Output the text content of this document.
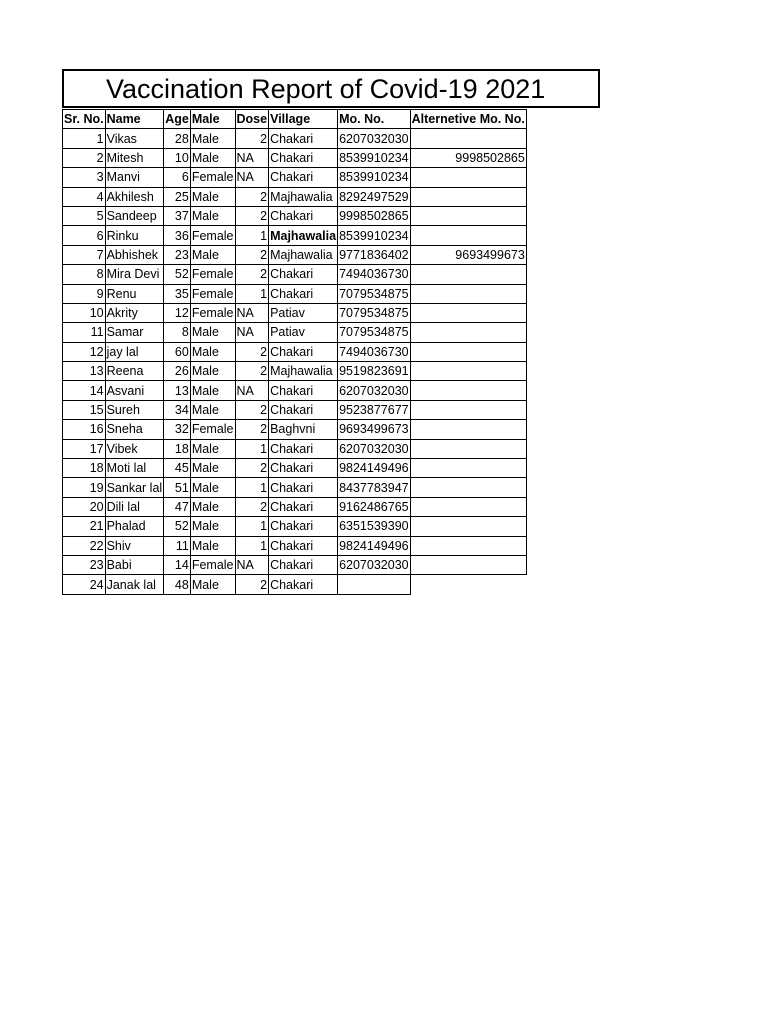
Vaccination Report of Covid-19 2021
Sr. No.	Name	Age	Male	Dose	Village	Mo. No.	Alternetive Mo. No.
1	Vikas	28	Male	2	Chakari	6207032030	
2	Mitesh	10	Male	NA	Chakari	8539910234	9998502865
3	Manvi	6	Female	NA	Chakari	8539910234	
4	Akhilesh	25	Male	2	Majhawalia	8292497529	
5	Sandeep	37	Male	2	Chakari	9998502865	
6	Rinku	36	Female	1	Majhawalia	8539910234	
7	Abhishek	23	Male	2	Majhawalia	9771836402	9693499673
8	Mira Devi	52	Female	2	Chakari	7494036730	
9	Renu	35	Female	1	Chakari	7079534875	
10	Akrity	12	Female	NA	Patiav	7079534875	
11	Samar	8	Male	NA	Patiav	7079534875	
12	jay lal	60	Male	2	Chakari	7494036730	
13	Reena	26	Male	2	Majhawalia	9519823691	
14	Asvani	13	Male	NA	Chakari	6207032030	
15	Sureh	34	Male	2	Chakari	9523877677	
16	Sneha	32	Female	2	Baghvni	9693499673	
17	Vibek	18	Male	1	Chakari	6207032030	
18	Moti lal	45	Male	2	Chakari	9824149496	
19	Sankar lal	51	Male	1	Chakari	8437783947	
20	Dili lal	47	Male	2	Chakari	9162486765	
21	Phalad	52	Male	1	Chakari	6351539390	
22	Shiv	11	Male	1	Chakari	9824149496	
23	Babi	14	Female	NA	Chakari	6207032030	
24	Janak lal	48	Male	2	Chakari		
